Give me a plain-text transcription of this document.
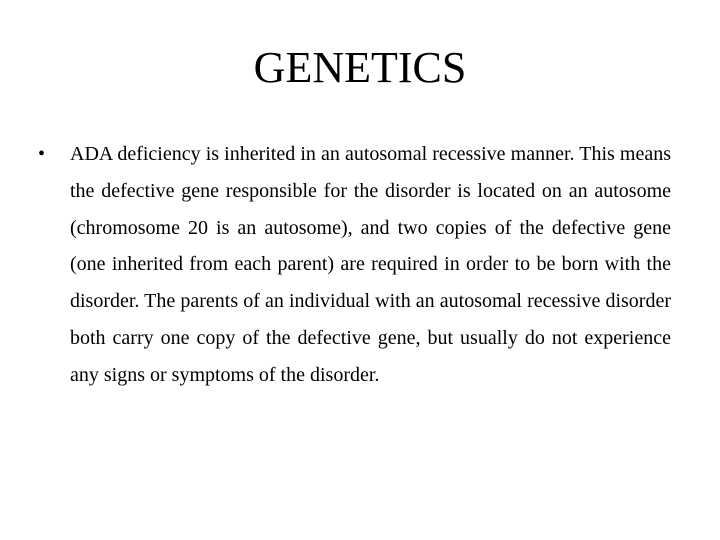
GENETICS
• ADA deficiency is inherited in an autosomal recessive manner. This means the defective gene responsible for the disorder is located on an autosome (chromosome 20 is an autosome), and two copies of the defective gene (one inherited from each parent) are required in order to be born with the disorder. The parents of an individual with an autosomal recessive disorder both carry one copy of the defective gene, but usually do not experience any signs or symptoms of the disorder.
